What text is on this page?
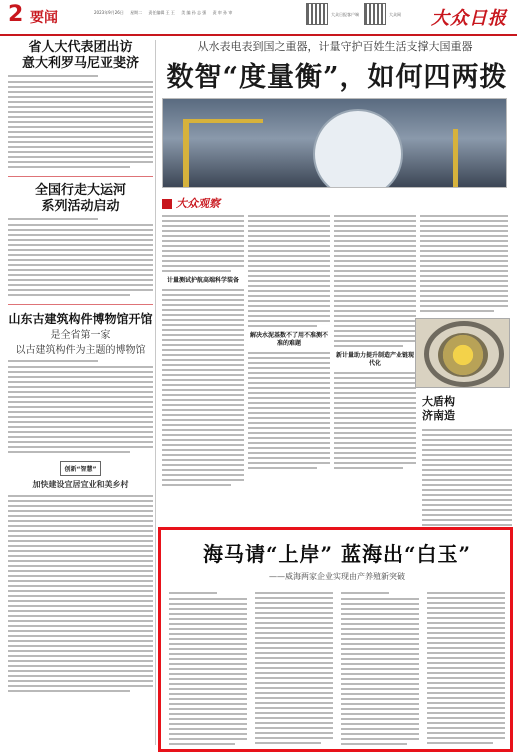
2 要闻	2023年9月26日 星期二 责任编辑 王 王 美 编 孙 志 强 责 审 孙 审	大众日报客户端	大众网 大众日报
省人大代表团出访
意大利罗马尼亚斐济
全国行走大运河
系列活动启动
山东古建筑构件博物馆开馆
是全省第一家
以古建筑构件为主题的博物馆
创新“智慧”
加快建设宜居宜业和美乡村
从水表电表到国之重器，计量守护百姓生活支撑大国重器
数智“度量衡”，如何四两拨
大众观察
计量测试护航高端科学装备
解决水泥基数不了用不准测不准的难题
新计量助力提升制造产业链现代化
大盾构
济南造
海马请“上岸” 蓝海出“白玉”
——威海两家企业实现由产养殖新突破
